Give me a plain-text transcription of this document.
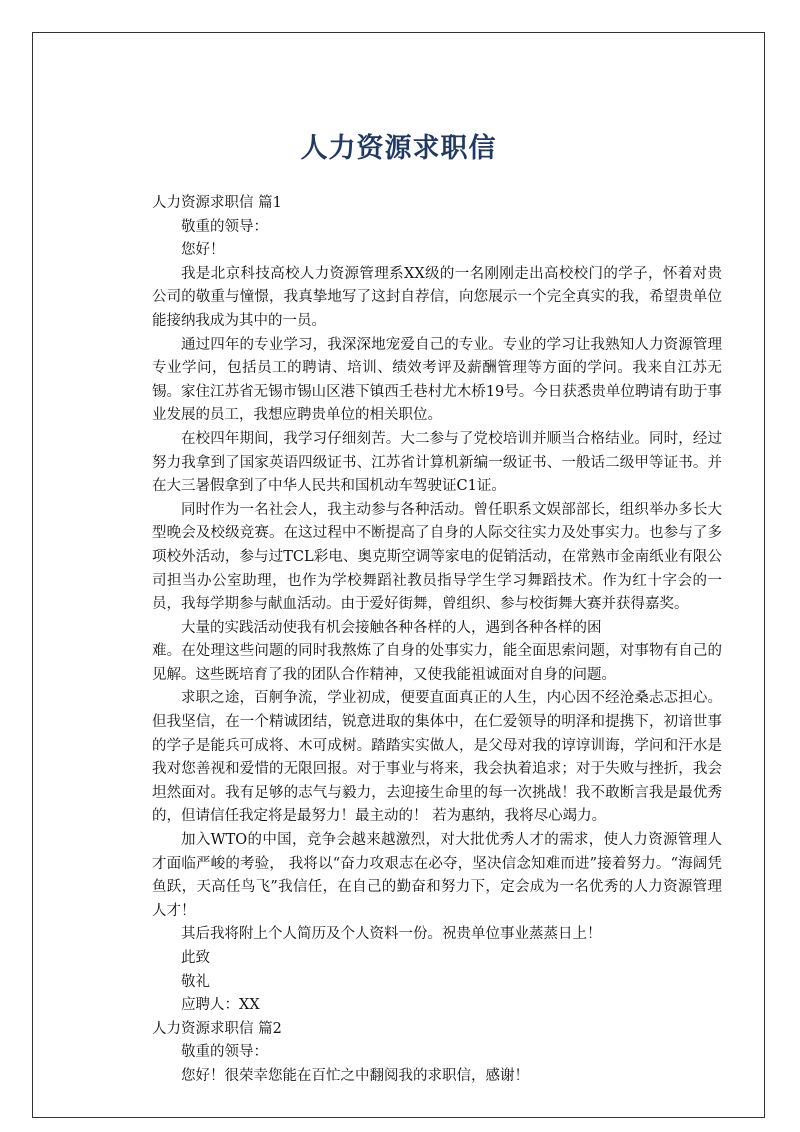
人力资源求职信

人力资源求职信 篇1

敬重的领导：

您好！

我是北京科技高校人力资源管理系XX级的一名刚刚走出高校校门的学子，怀着对贵 公司的敬重与憧憬，我真挚地写了这封自荐信，向您展示一个完全真实的我，希望贵单位能接纳我成为其中的一员。

通过四年的专业学习，我深深地宠爱自己的专业。专业的学习让我熟知人力资源管理专业学问，包括员工的聘请、培训、绩效考评及薪酬管理等方面的学问。我来自江苏无锡。家住江苏省无锡市锡山区港下镇西壬巷村尤木桥19号。今日获悉贵单位聘请有助于事业发展的员工，我想应聘贵单位的相关职位。

在校四年期间，我学习仔细刻苦。大二参与了党校培训并顺当合格结业。同时，经过努力我拿到了国家英语四级证书、江苏省计算机新编一级证书、一般话二级甲等证书。并在大三暑假拿到了中华人民共和国机动车驾驶证C1证。

同时作为一名社会人，我主动参与各种活动。曾任职系文娱部部长，组织举办多长大型晚会及校级竞赛。在这过程中不断提高了自身的人际交往实力及处事实力。也参与了多项校外活动，参与过TCL彩电、奥克斯空调等家电的促销活动，在常熟市金南纸业有限公司担当办公室助理，也作为学校舞蹈社教员指导学生学习舞蹈技术。作为红十字会的一员，我每学期参与献血活动。由于爱好街舞，曾组织、参与校街舞大赛并获得嘉奖。

大量的实践活动使我有机会接触各种各样的人，遇到各种各样的困

难。在处理这些问题的同时我熬炼了自身的处事实力，能全面思索问题，对事物有自己的见解。这些既培育了我的团队合作精神，又使我能祖诚面对自身的问题。

求职之途，百舸争流，学业初成，便要直面真正的人生，内心因不经沧桑忐忑担心。但我坚信，在一个精诚团结，锐意进取的集体中，在仁爱领导的明泽和提携下，初谙世事的学子是能兵可成将、木可成树。踏踏实实做人，是父母对我的谆谆训诲，学问和汗水是我对您善视和爱惜的无限回报。对于事业与将来，我会执着追求；对于失败与挫折，我会坦然面对。我有足够的志气与毅力，去迎接生命里的每一次挑战！我不敢断言我是最优秀的，但请信任我定将是最努力！最主动的！ 若为惠纳，我将尽心竭力。

加入WTO的中国，竞争会越来越激烈，对大批优秀人才的需求，使人力资源管理人才面临严峻的考验， 我将以“奋力攻艰志在必夺，坚决信念知难而进”接着努力。“海阔凭鱼跃，天高任鸟飞”我信任，在自己的勤奋和努力下，定会成为一名优秀的人力资源管理人才！

其后我将附上个人简历及个人资料一份。祝贵单位事业蒸蒸日上！

此致

敬礼

应聘人：XX

人力资源求职信 篇2

敬重的领导：

您好！很荣幸您能在百忙之中翻阅我的求职信，感谢！
